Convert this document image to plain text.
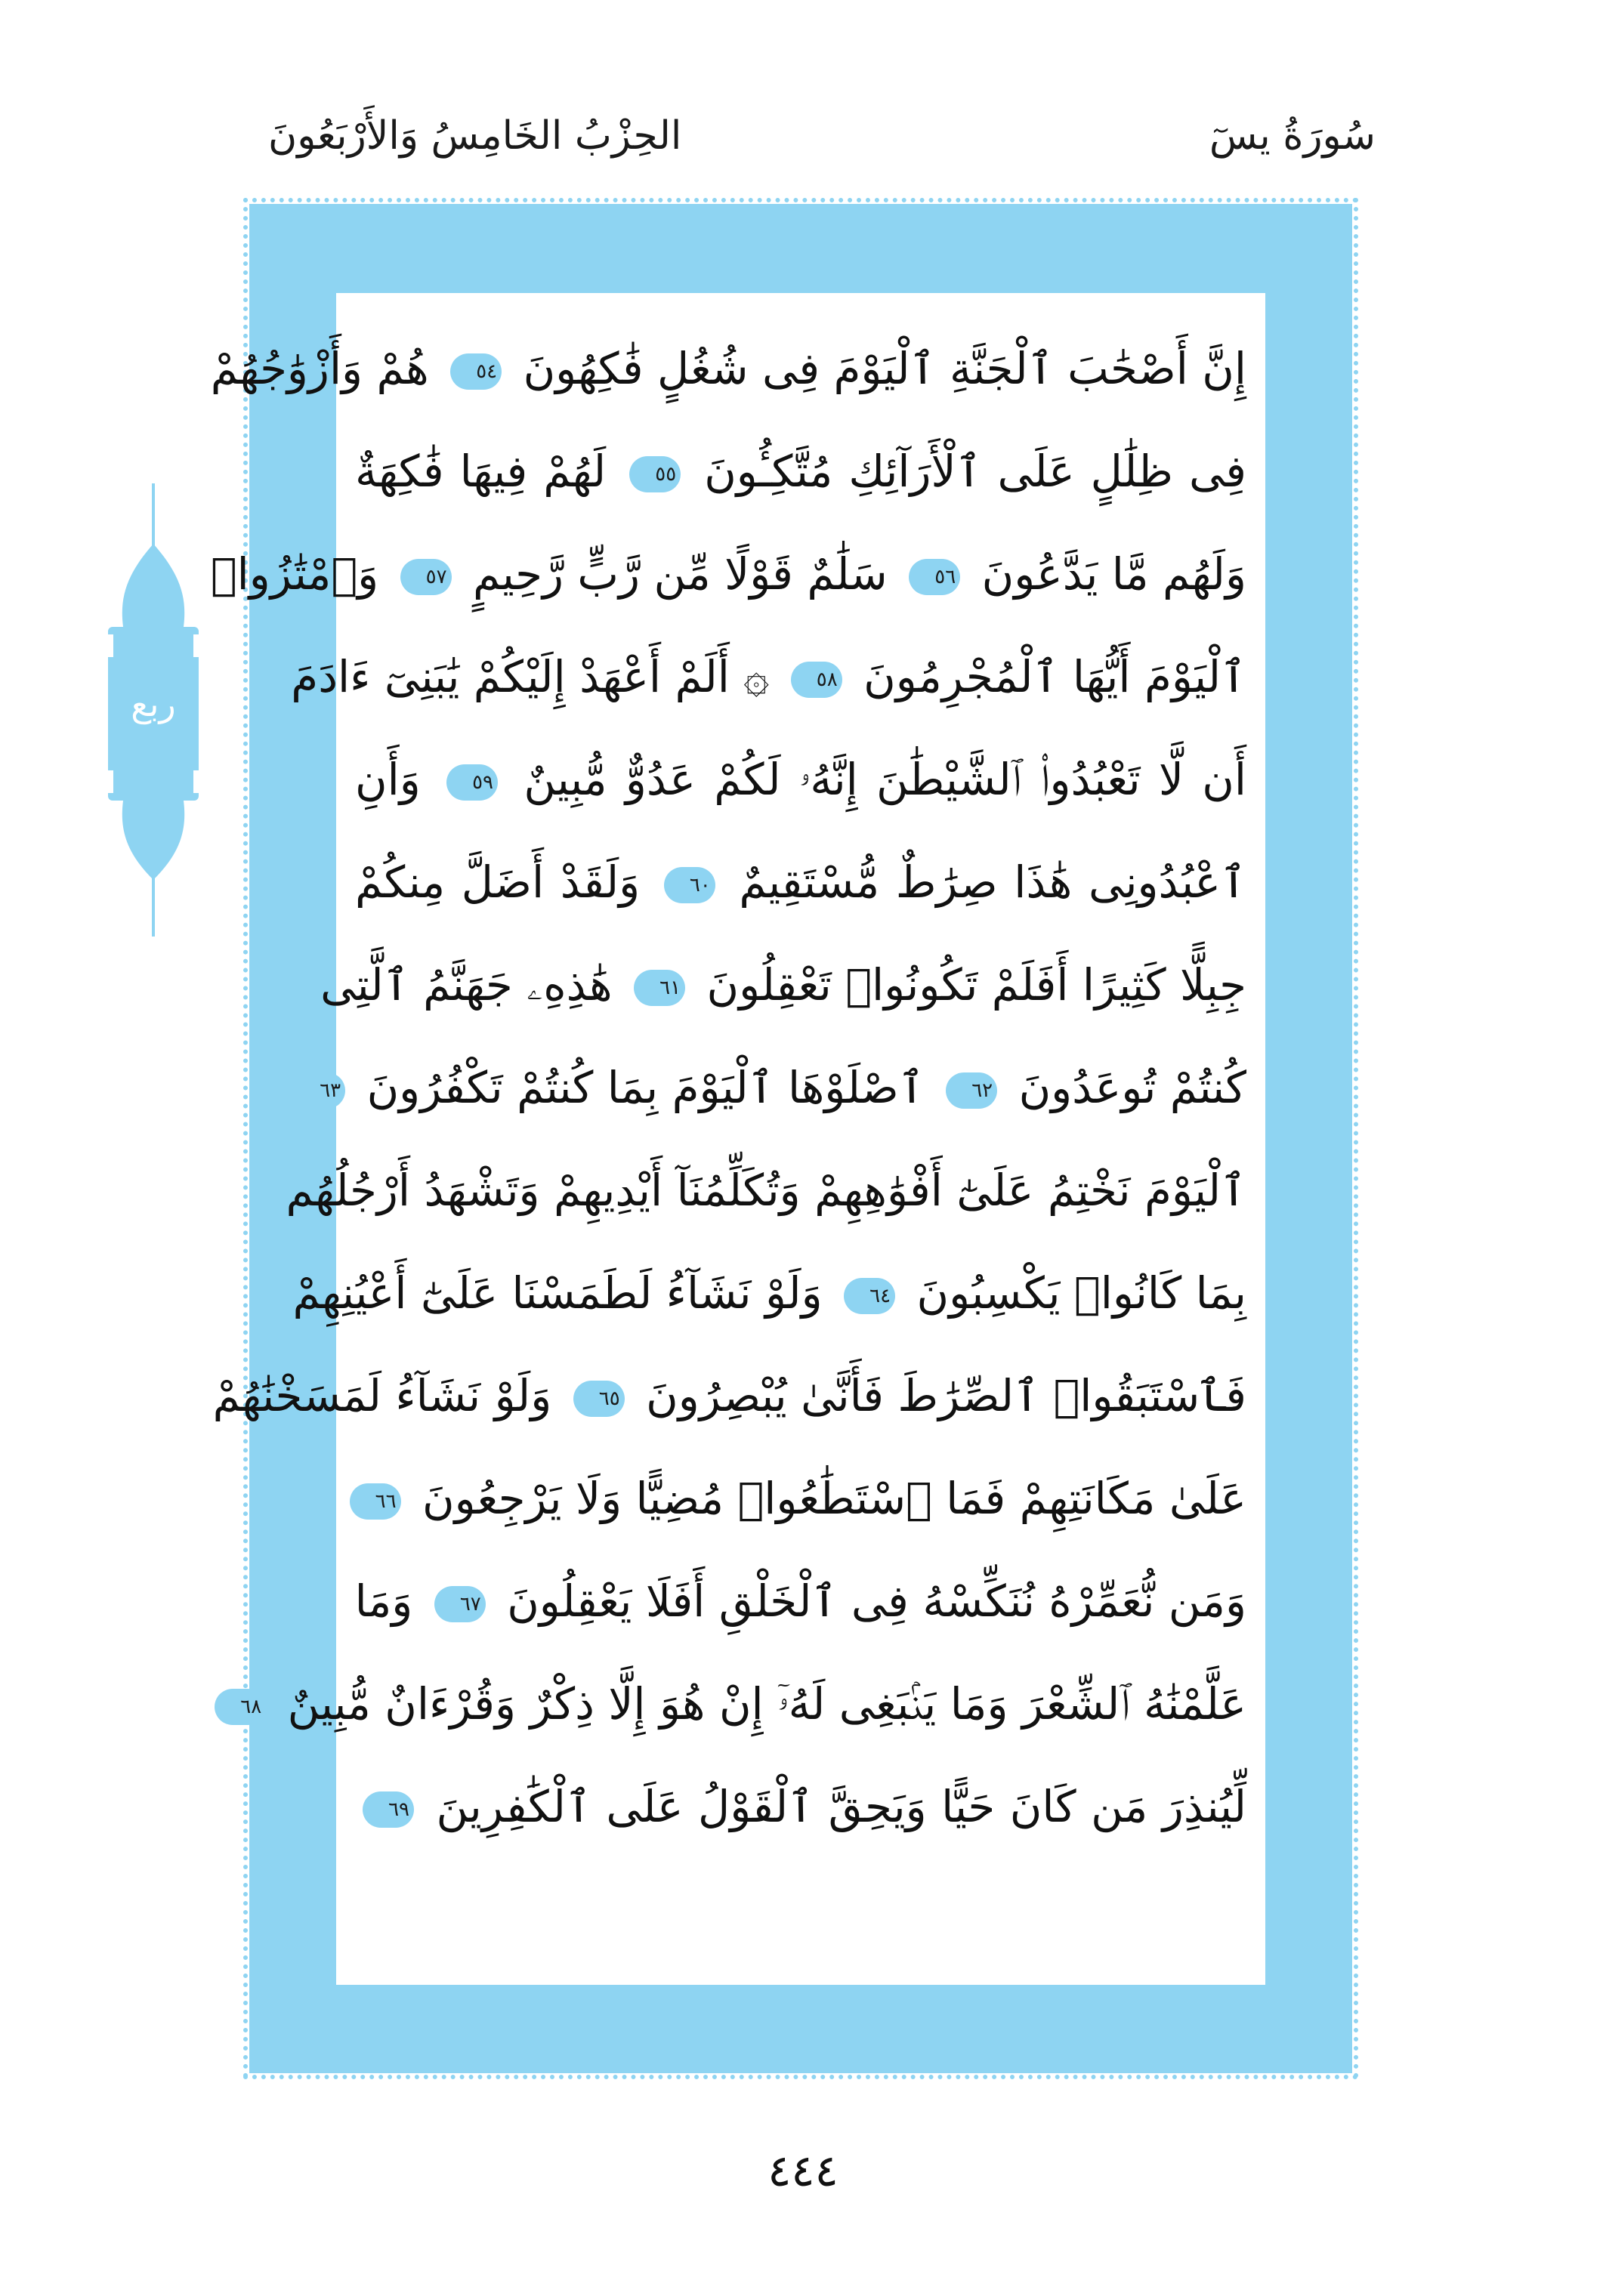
الحِزْبُ الخَامِسُ وَالأَرْبَعُونَ	سُورَةُ يسٓ
ربع
إِنَّ أَصْحَٰبَ ٱلْجَنَّةِ ٱلْيَوْمَ فِى شُغُلٍ فَٰكِهُونَ ٥٤ هُمْ وَأَزْوَٰجُهُمْ
فِى ظِلَٰلٍ عَلَى ٱلْأَرَآئِكِ مُتَّكِـُٔونَ ٥٥ لَهُمْ فِيهَا فَٰكِهَةٌ
وَلَهُم مَّا يَدَّعُونَ ٥٦ سَلَٰمٌ قَوْلًا مِّن رَّبٍّ رَّحِيمٍ ٥٧ وَٱمْتَٰزُوا۟
ٱلْيَوْمَ أَيُّهَا ٱلْمُجْرِمُونَ ٥٨ ۞ أَلَمْ أَعْهَدْ إِلَيْكُمْ يَٰبَنِىٓ ءَادَمَ
أَن لَّا تَعْبُدُوا۟ ٱلشَّيْطَٰنَ إِنَّهُۥ لَكُمْ عَدُوٌّ مُّبِينٌ ٥٩ وَأَنِ
ٱعْبُدُونِى هَٰذَا صِرَٰطٌ مُّسْتَقِيمٌ ٦٠ وَلَقَدْ أَضَلَّ مِنكُمْ
جِبِلًّا كَثِيرًا أَفَلَمْ تَكُونُوا۟ تَعْقِلُونَ ٦١ هَٰذِهِۦ جَهَنَّمُ ٱلَّتِى
كُنتُمْ تُوعَدُونَ ٦٢ ٱصْلَوْهَا ٱلْيَوْمَ بِمَا كُنتُمْ تَكْفُرُونَ ٦٣
ٱلْيَوْمَ نَخْتِمُ عَلَىٰٓ أَفْوَٰهِهِمْ وَتُكَلِّمُنَآ أَيْدِيهِمْ وَتَشْهَدُ أَرْجُلُهُم
بِمَا كَانُوا۟ يَكْسِبُونَ ٦٤ وَلَوْ نَشَآءُ لَطَمَسْنَا عَلَىٰٓ أَعْيُنِهِمْ
فَٱسْتَبَقُوا۟ ٱلصِّرَٰطَ فَأَنَّىٰ يُبْصِرُونَ ٦٥ وَلَوْ نَشَآءُ لَمَسَخْنَٰهُمْ
عَلَىٰ مَكَانَتِهِمْ فَمَا ٱسْتَطَٰعُوا۟ مُضِيًّا وَلَا يَرْجِعُونَ ٦٦
وَمَن نُّعَمِّرْهُ نُنَكِّسْهُ فِى ٱلْخَلْقِ أَفَلَا يَعْقِلُونَ ٦٧ وَمَا
عَلَّمْنَٰهُ ٱلشِّعْرَ وَمَا يَنۢبَغِى لَهُۥٓ إِنْ هُوَ إِلَّا ذِكْرٌ وَقُرْءَانٌ مُّبِينٌ ٦٨
لِّيُنذِرَ مَن كَانَ حَيًّا وَيَحِقَّ ٱلْقَوْلُ عَلَى ٱلْكَٰفِرِينَ ٦٩
٤٤٤
